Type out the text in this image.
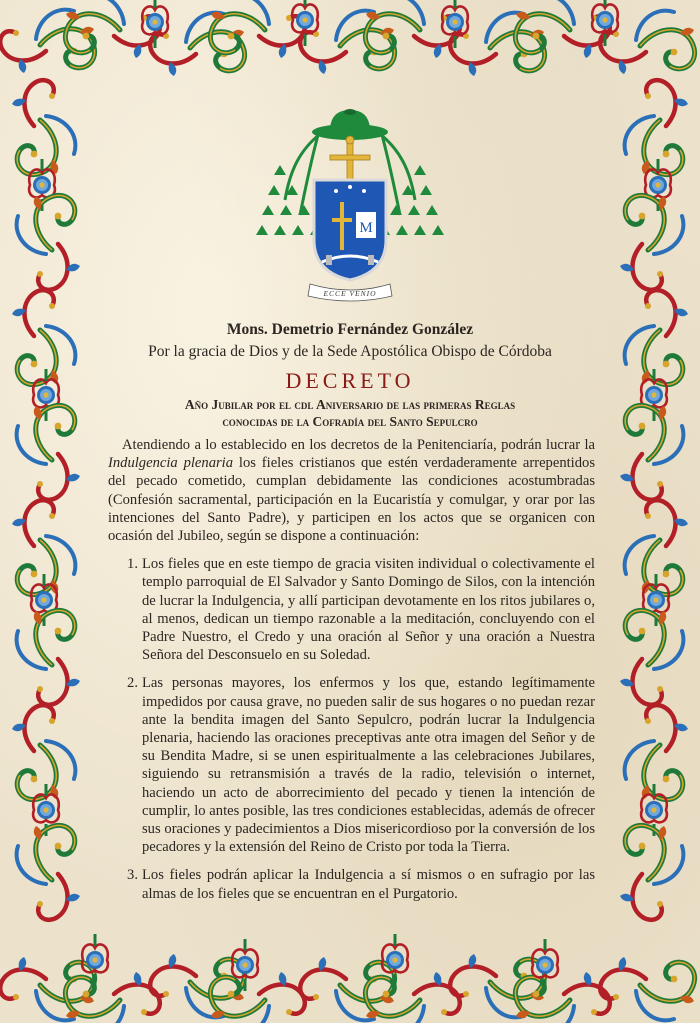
M
ECCE VENIO
Mons. Demetrio Fernández González
Por la gracia de Dios y de la Sede Apostólica Obispo de Córdoba
DECRETO
Año Jubilar por el cdl Aniversario de las primeras Reglas
conocidas de la Cofradía del Santo Sepulcro

Atendiendo a lo establecido en los decretos de la Penitenciaría, podrán lucrar la Indulgencia plenaria los fieles cristianos que estén verdaderamente arrepentidos del pecado cometido, cumplan debidamente las condiciones acostumbradas (Confesión sacramental, participación en la Eucaristía y comulgar, y orar por las intenciones del Santo Padre), y participen en los actos que se organicen con ocasión del Jubileo, según se dispone a continuación:

1. Los fieles que en este tiempo de gracia visiten individual o colectivamente el templo parroquial de El Salvador y Santo Domingo de Silos, con la intención de lucrar la Indulgencia, y allí participan devotamente en los ritos jubilares o, al menos, dedican un tiempo razonable a la meditación, concluyendo con el Padre Nuestro, el Credo y una oración al Señor y una oración a Nuestra Señora del Desconsuelo en su Soledad.
2. Las personas mayores, los enfermos y los que, estando legítimamente impedidos por causa grave, no pueden salir de sus hogares o no puedan rezar ante la bendita imagen del Santo Sepulcro, podrán lucrar la Indulgencia plenaria, haciendo las oraciones preceptivas ante otra imagen del Señor y de su Bendita Madre, si se unen espiritualmente a las celebraciones Jubilares, siguiendo su retransmisión a través de la radio, televisión o internet, haciendo un acto de aborrecimiento del pecado y tienen la intención de cumplir, lo antes posible, las tres condiciones establecidas, además de ofrecer sus oraciones y padecimientos a Dios misericordioso por la conversión de los pecadores y la extensión del Reino de Cristo por toda la Tierra.
3. Los fieles podrán aplicar la Indulgencia a sí mismos o en sufragio por las almas de los fieles que se encuentran en el Purgatorio.
